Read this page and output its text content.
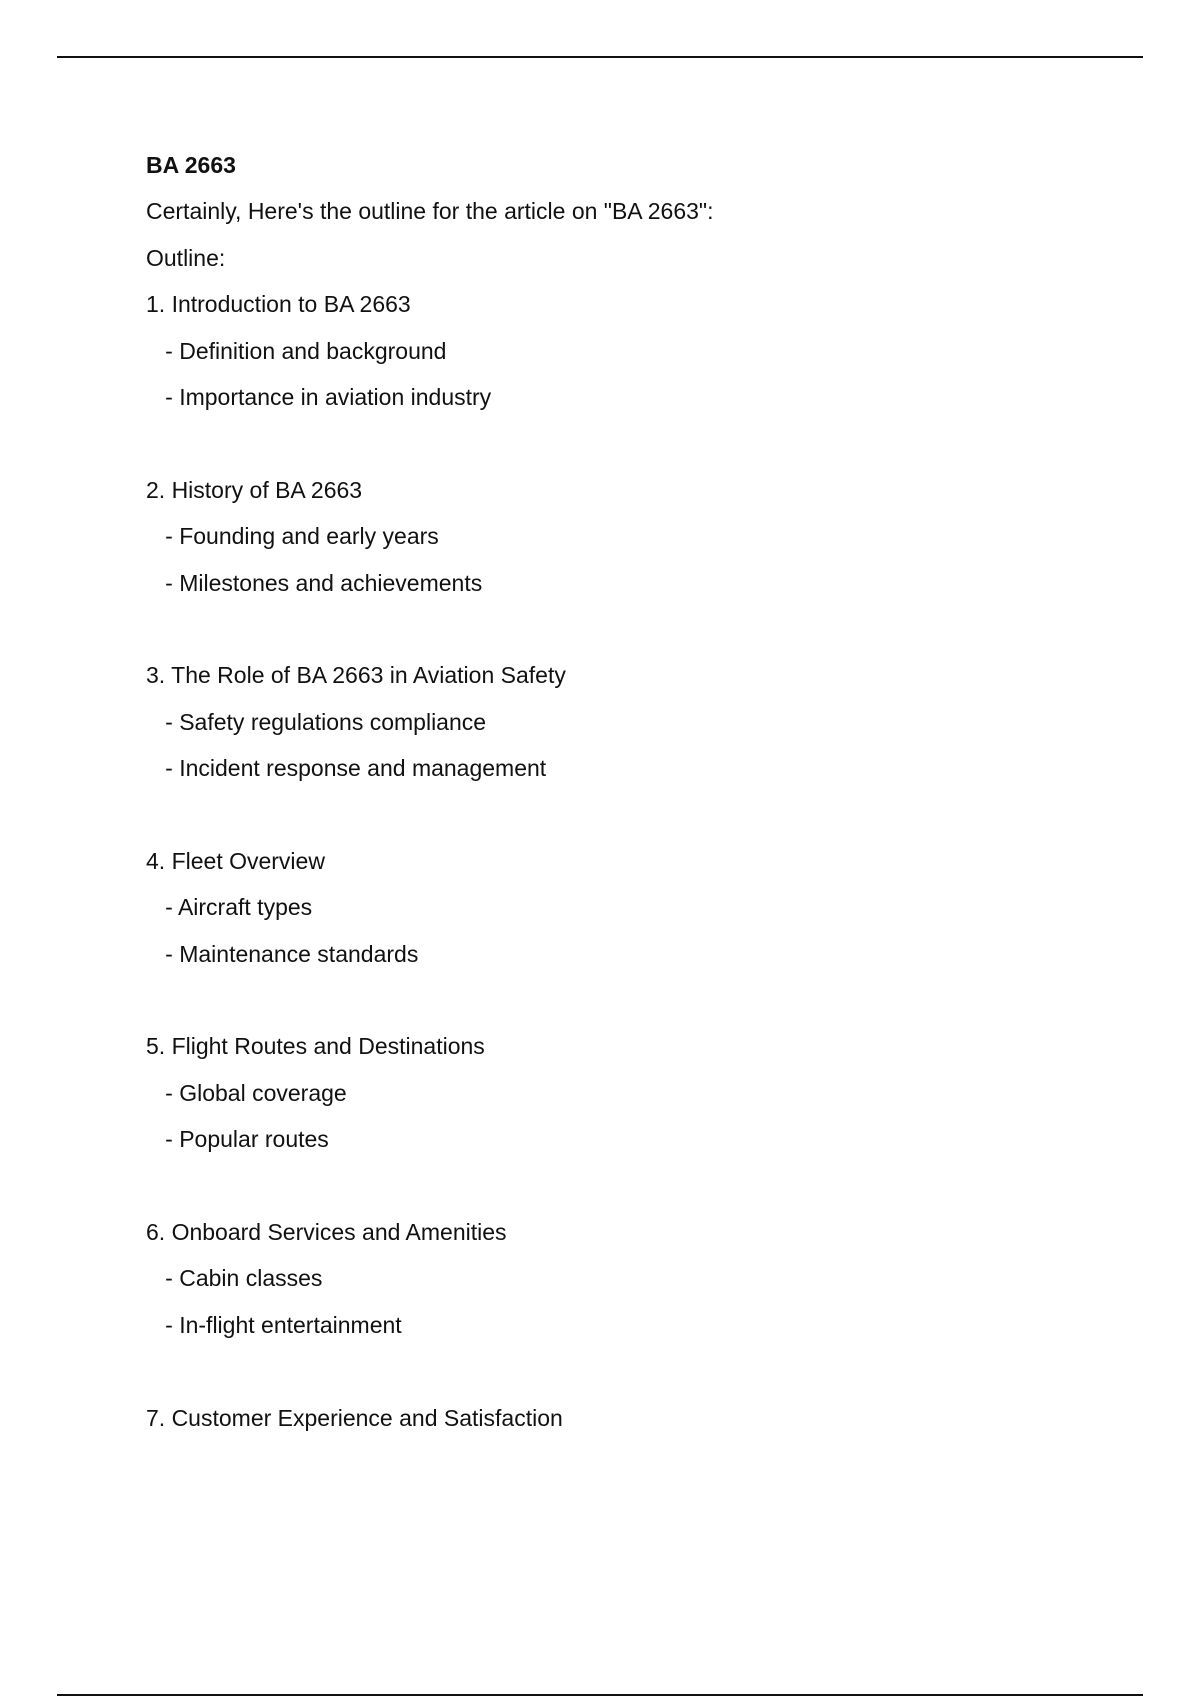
BA 2663
Certainly, Here's the outline for the article on "BA 2663":
Outline:
1. Introduction to BA 2663
- Definition and background
- Importance in aviation industry
2. History of BA 2663
- Founding and early years
- Milestones and achievements
3. The Role of BA 2663 in Aviation Safety
- Safety regulations compliance
- Incident response and management
4. Fleet Overview
- Aircraft types
- Maintenance standards
5. Flight Routes and Destinations
- Global coverage
- Popular routes
6. Onboard Services and Amenities
- Cabin classes
- In-flight entertainment
7. Customer Experience and Satisfaction
